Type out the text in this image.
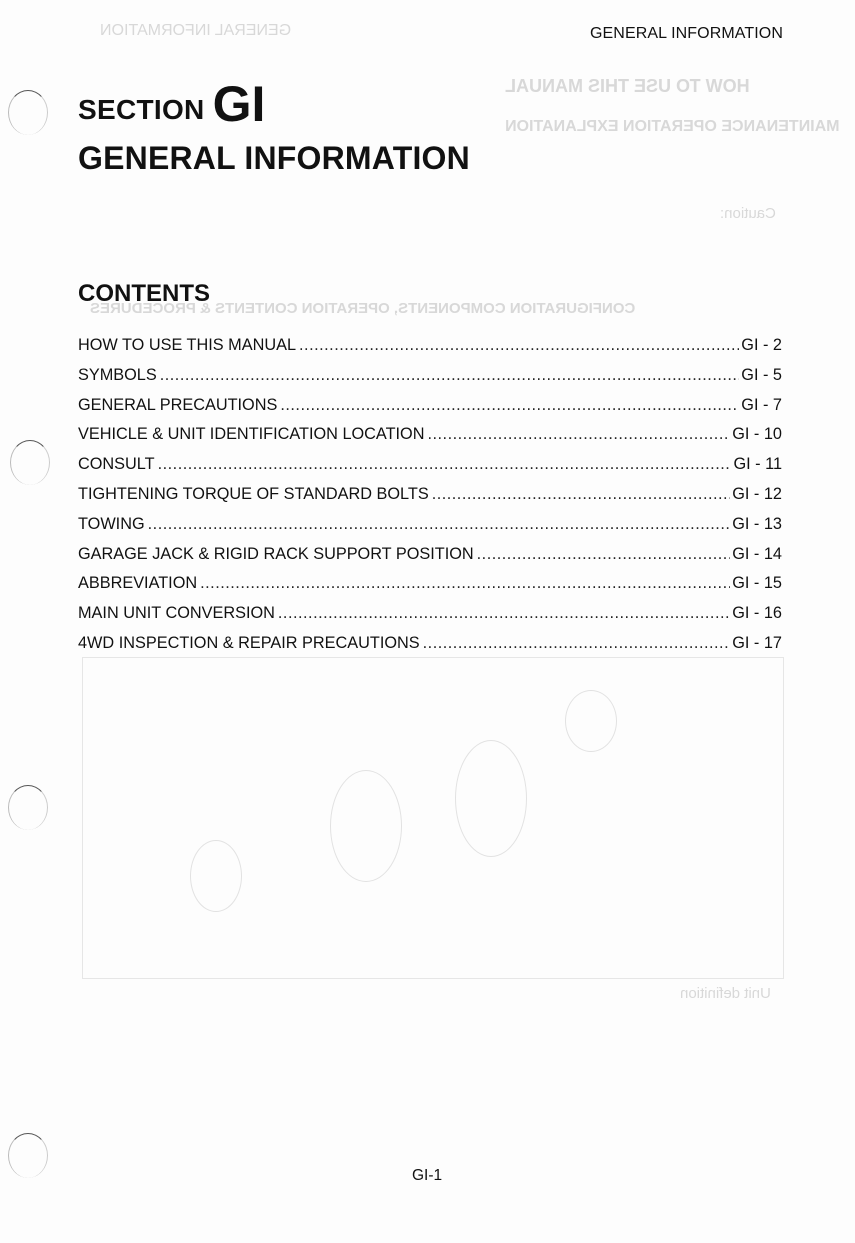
GENERAL INFORMATION
HOW TO USE THIS MANUAL
MAINTENANCE OPERATION EXPLANATION
Caution:
CONFIGURATION COMPONENTS, OPERATION CONTENTS & PROCEDURES
Unit definition
GENERAL INFORMATION
SECTION GI
GENERAL INFORMATION
CONTENTS
HOW TO USE THIS MANUAL .....	GI - 2
SYMBOLS .....	GI - 5
GENERAL PRECAUTIONS .....	GI - 7
VEHICLE & UNIT IDENTIFICATION LOCATION .....	GI - 10
CONSULT .....	GI - 11
TIGHTENING TORQUE OF STANDARD BOLTS .....	GI - 12
TOWING .....	GI - 13
GARAGE JACK & RIGID RACK SUPPORT POSITION .....	GI - 14
ABBREVIATION .....	GI - 15
MAIN UNIT CONVERSION .....	GI - 16
4WD INSPECTION & REPAIR PRECAUTIONS .....	GI - 17
GI-1
